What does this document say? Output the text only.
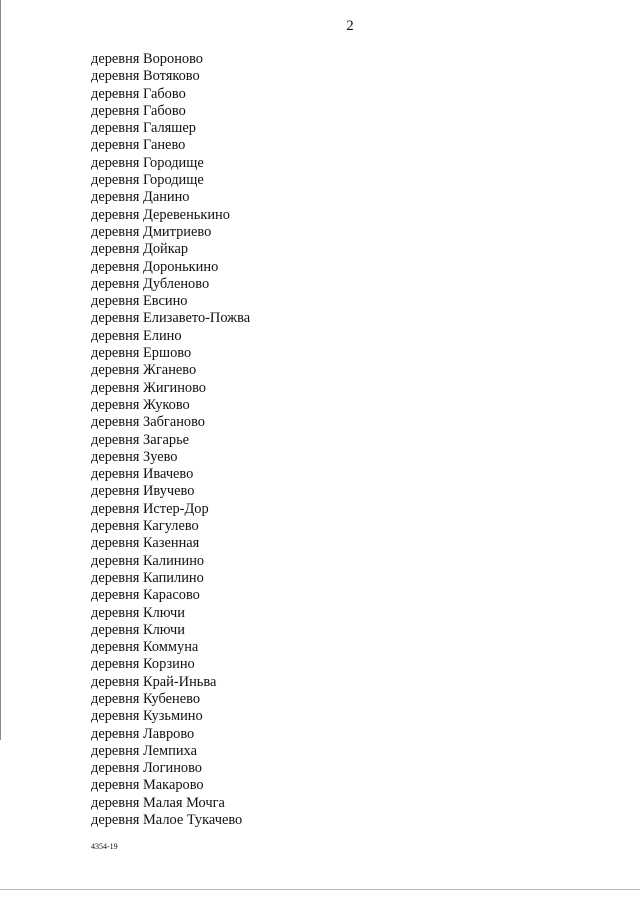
2
деревня Вороново
деревня Вотяково
деревня Габово
деревня Габово
деревня Галяшер
деревня Ганево
деревня Городище
деревня Городище
деревня Данино
деревня Деревенькино
деревня Дмитриево
деревня Дойкар
деревня Доронькино
деревня Дубленово
деревня Евсино
деревня Елизавето-Пожва
деревня Елино
деревня Ершово
деревня Жганево
деревня Жигиново
деревня Жуково
деревня Забганово
деревня Загарье
деревня Зуево
деревня Ивачево
деревня Ивучево
деревня Истер-Дор
деревня Кагулево
деревня Казенная
деревня Калинино
деревня Капилино
деревня Карасово
деревня Ключи
деревня Ключи
деревня Коммуна
деревня Корзино
деревня Край-Иньва
деревня Кубенево
деревня Кузьмино
деревня Лаврово
деревня Лемпиха
деревня Логиново
деревня Макарово
деревня Малая Мочга
деревня Малое Тукачево
4354-19
